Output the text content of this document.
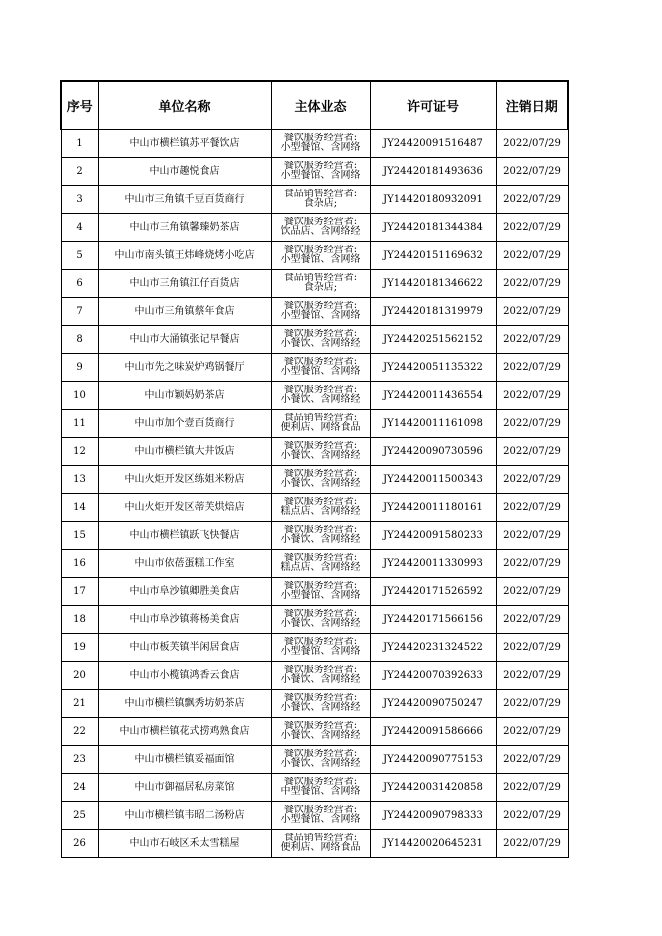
序号	单位名称	主体业态	许可证号	注销日期
1	中山市横栏镇苏平餐饮店	餐饮服务经营者:
小型餐馆、含网络	JY24420091516487	2022/07/29
2	中山市趣悦食店	餐饮服务经营者:
小型餐馆、含网络	JY24420181493636	2022/07/29
3	中山市三角镇千豆百货商行	食品销售经营者:
食杂店;	JY14420180932091	2022/07/29
4	中山市三角镇馨臻奶茶店	餐饮服务经营者:
饮品店、含网络经	JY24420181344384	2022/07/29
5	中山市南头镇王炜峰烧烤小吃店	餐饮服务经营者:
小型餐馆、含网络	JY24420151169632	2022/07/29
6	中山市三角镇江仔百货店	食品销售经营者:
食杂店;	JY14420181346622	2022/07/29
7	中山市三角镇蔡年食店	餐饮服务经营者:
小型餐馆、含网络	JY24420181319979	2022/07/29
8	中山市大涌镇张记早餐店	餐饮服务经营者:
小餐饮、含网络经	JY24420251562152	2022/07/29
9	中山市先之味炭炉鸡锅餐厅	餐饮服务经营者:
小型餐馆、含网络	JY24420051135322	2022/07/29
10	中山市颖妈奶茶店	餐饮服务经营者:
小餐饮、含网络经	JY24420011436554	2022/07/29
11	中山市加个壹百货商行	食品销售经营者:
便利店、网络食品	JY14420011161098	2022/07/29
12	中山市横栏镇大井饭店	餐饮服务经营者:
小餐饮、含网络经	JY24420090730596	2022/07/29
13	中山火炬开发区练姐米粉店	餐饮服务经营者:
小餐饮、含网络经	JY24420011500343	2022/07/29
14	中山火炬开发区蒂芙烘焙店	餐饮服务经营者:
糕点店、含网络经	JY24420011180161	2022/07/29
15	中山市横栏镇跃飞快餐店	餐饮服务经营者:
小餐饮、含网络经	JY24420091580233	2022/07/29
16	中山市依蓓蛋糕工作室	餐饮服务经营者:
糕点店、含网络经	JY24420011330993	2022/07/29
17	中山市阜沙镇卿胜美食店	餐饮服务经营者:
小型餐馆、含网络	JY24420171526592	2022/07/29
18	中山市阜沙镇蒋杨美食店	餐饮服务经营者:
小餐饮、含网络经	JY24420171566156	2022/07/29
19	中山市板芙镇半闲居食店	餐饮服务经营者:
小型餐馆、含网络	JY24420231324522	2022/07/29
20	中山市小榄镇鸿香云食店	餐饮服务经营者:
小餐饮、含网络经	JY24420070392633	2022/07/29
21	中山市横栏镇飘秀坊奶茶店	餐饮服务经营者:
小餐饮、含网络经	JY24420090750247	2022/07/29
22	中山市横栏镇花式捞鸡熟食店	餐饮服务经营者:
小餐饮、含网络经	JY24420091586666	2022/07/29
23	中山市横栏镇妥福面馆	餐饮服务经营者:
小餐饮、含网络经	JY24420090775153	2022/07/29
24	中山市御福居私房菜馆	餐饮服务经营者:
中型餐馆、含网络	JY24420031420858	2022/07/29
25	中山市横栏镇韦昭二汤粉店	餐饮服务经营者:
小型餐馆、含网络	JY24420090798333	2022/07/29
26	中山市石岐区禾太雪糕屋	食品销售经营者:
便利店、网络食品	JY14420020645231	2022/07/29
